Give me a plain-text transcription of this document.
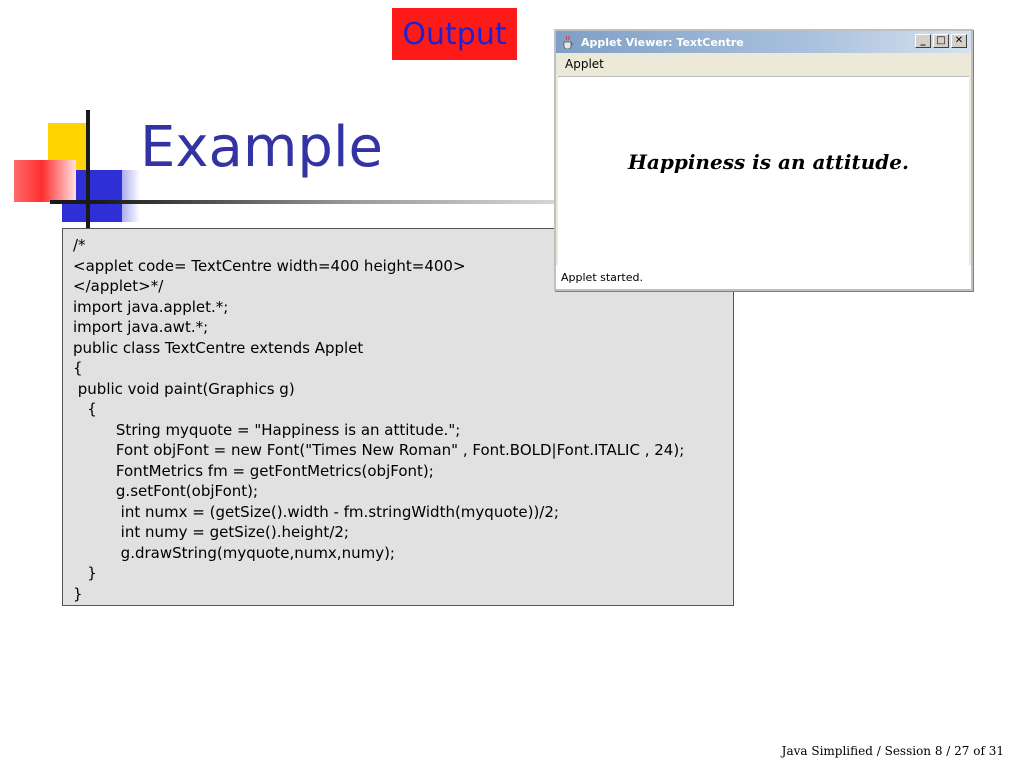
Example
Output
/*
<applet code= TextCentre width=400 height=400>
</applet>*/
import java.applet.*;
import java.awt.*;
public class TextCentre extends Applet
{
public void paint(Graphics g)
{
String myquote = "Happiness is an attitude.";
Font objFont = new Font("Times New Roman" , Font.BOLD|Font.ITALIC , 24);
FontMetrics fm = getFontMetrics(objFont);
g.setFont(objFont);
int numx = (getSize().width - fm.stringWidth(myquote))/2;
int numy = getSize().height/2;
g.drawString(myquote,numx,numy);
}
}
Applet Viewer: TextCentre	_	□ ✕
Applet
Happiness is an attitude.
Applet started.
Java Simplified / Session 8 / 27 of 31
